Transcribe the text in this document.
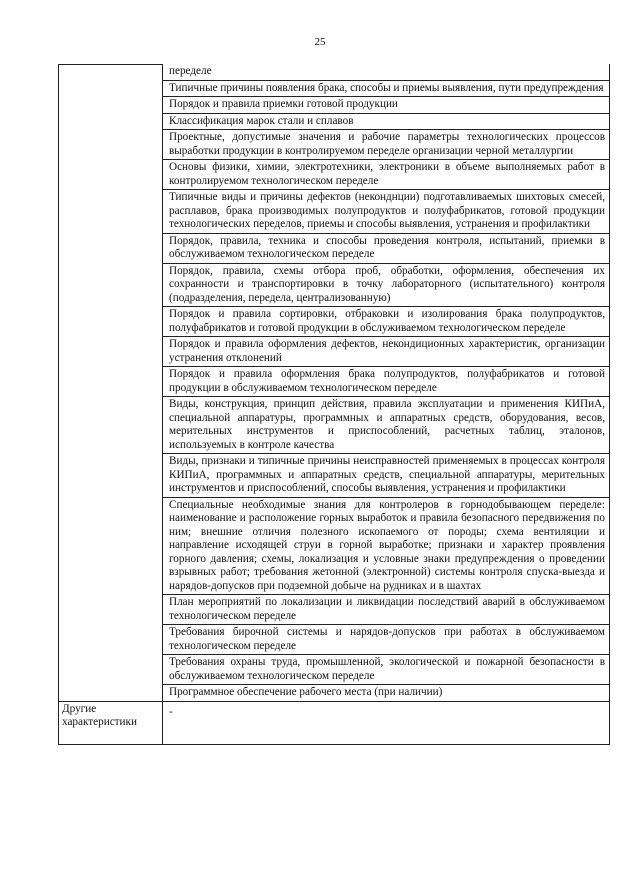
25
переделе
Типичные причины появления брака, способы и приемы выявления, пути предупреждения
Порядок и правила приемки готовой продукции
Классификация марок стали и сплавов
Проектные, допустимые значения и рабочие параметры технологических процессов выработки продукции в контролируемом переделе организации черной металлургии
Основы физики, химии, электротехники, электроники в объеме выполняемых работ в контролируемом технологическом переделе
Типичные виды и причины дефектов (неконднции) подготавливаемых шихтовых смесей, расплавов, брака производимых полупродуктов и полуфабрикатов, готовой продукции технологических переделов, приемы и способы выявления, устранения и профилактики
Порядок, правила, техника и способы проведения контроля, испытаний, приемки в обслуживаемом технологическом переделе
Порядок, правила, схемы отбора проб, обработки, оформления, обеспечения их сохранности и транспортировки в точку лабораторного (испытательного) контроля (подразделения, передела, централизованную)
Порядок и правила сортировки, отбраковки и изолирования брака полупродуктов, полуфабрикатов и готовой продукции в обслуживаемом технологическом переделе
Порядок и правила оформления дефектов, некондиционных характеристик, организации устранения отклонений
Порядок и правила оформления брака полупродуктов, полуфабрикатов и готовой продукции в обслуживаемом технологическом переделе
Виды, конструкция, принцип действия, правила эксплуатации и применения КИПиА, специальной аппаратуры, программных и аппаратных средств, оборудования, весов, мерительных инструментов и приспособлений, расчетных таблиц, эталонов, используемых в контроле качества
Виды, признаки и типичные причины неисправностей применяемых в процессах контроля КИПиА, программных и аппаратных средств, специальной аппаратуры, мерительных инструментов и приспособлений, способы выявления, устранения и профилактики
Специальные необходимые знания для контролеров в горнодобывающем переделе: наименование и расположение горных выработок и правила безопасного передвижения по ним; внешние отличия полезного ископаемого от породы; схема вентиляции и направление исходящей струи в горной выработке; признаки и характер проявления горного давления; схемы, локализация и условные знаки предупреждения о проведении взрывных работ; требования жетонной (электронной) системы контроля спуска-выезда и нарядов-допусков при подземной добыче на рудниках и в шахтах
План мероприятий по локализации и ликвидации последствий аварий в обслуживаемом технологическом переделе
Требования бирочной системы и нарядов-допусков при работах в обслуживаемом технологическом переделе
Требования охраны труда, промышленной, экологической и пожарной безопасности в обслуживаемом технологическом переделе
Программное обеспечение рабочего места (при наличии)
Другие характеристики
-
